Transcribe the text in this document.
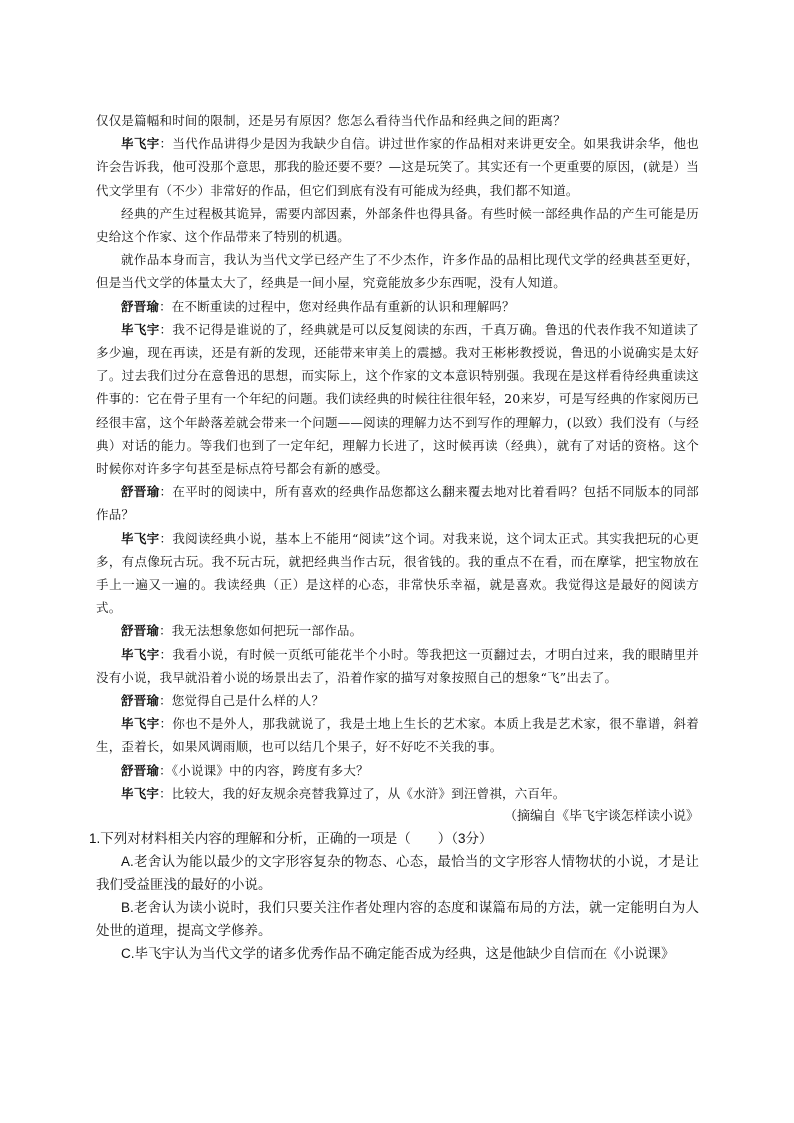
仅仅是篇幅和时间的限制，还是另有原因？您怎么看待当代作品和经典之间的距离？

毕飞宇：当代作品讲得少是因为我缺少自信。讲过世作家的作品相对来讲更安全。如果我讲余华，他也许会告诉我，他可没那个意思，那我的脸还要不要？—这是玩笑了。其实还有一个更重要的原因，(就是）当代文学里有（不少）非常好的作品，但它们到底有没有可能成为经典，我们都不知道。

经典的产生过程极其诡异，需要内部因素，外部条件也得具备。有些时候一部经典作品的产生可能是历史给这个作家、这个作品带来了特别的机遇。

就作品本身而言，我认为当代文学已经产生了不少杰作，许多作品的品相比现代文学的经典甚至更好，但是当代文学的体量太大了，经典是一间小屋，究竟能放多少东西呢，没有人知道。

舒晋瑜：在不断重读的过程中，您对经典作品有重新的认识和理解吗？

毕飞宇：我不记得是谁说的了，经典就是可以反复阅读的东西，千真万确。鲁迅的代表作我不知道读了多少遍，现在再读，还是有新的发现，还能带来审美上的震撼。我对王彬彬教授说，鲁迅的小说确实是太好了。过去我们过分在意鲁迅的思想，而实际上，这个作家的文本意识特别强。我现在是这样看待经典重读这件事的：它在骨子里有一个年纪的问题。我们读经典的时候往往很年轻，20来岁，可是写经典的作家阅历已经很丰富，这个年龄落差就会带来一个问题——阅读的理解力达不到写作的理解力，(以致）我们没有（与经典）对话的能力。等我们也到了一定年纪，理解力长进了，这时候再读（经典），就有了对话的资格。这个时候你对许多字句甚至是标点符号都会有新的感受。

舒晋瑜：在平时的阅读中，所有喜欢的经典作品您都这么翻来覆去地对比着看吗？包括不同版本的同部作品？

毕飞宇：我阅读经典小说，基本上不能用“阅读”这个词。对我来说，这个词太正式。其实我把玩的心更多，有点像玩古玩。我不玩古玩，就把经典当作古玩，很省钱的。我的重点不在看，而在摩挲，把宝物放在手上一遍又一遍的。我读经典（正）是这样的心态，非常快乐幸福，就是喜欢。我觉得这是最好的阅读方式。

舒晋瑜：我无法想象您如何把玩一部作品。

毕飞宇：我看小说，有时候一页纸可能花半个小时。等我把这一页翻过去，才明白过来，我的眼睛里并没有小说，我早就沿着小说的场景出去了，沿着作家的描写对象按照自己的想象“飞”出去了。

舒晋瑜：您觉得自己是什么样的人？

毕飞宇：你也不是外人，那我就说了，我是土地上生长的艺术家。本质上我是艺术家，很不靠谱，斜着生，歪着长，如果风调雨顺，也可以结几个果子，好不好吃不关我的事。

舒晋瑜：《小说课》中的内容，跨度有多大？

毕飞宇：比较大，我的好友规余亮替我算过了，从《水浒》到汪曾祺，六百年。

（摘编自《毕飞宇谈怎样读小说》

1.下列对材料相关内容的理解和分析，正确的一项是（　　）（3分）

A.老舍认为能以最少的文字形容复杂的物态、心态，最恰当的文字形容人情物状的小说，才是让我们受益匪浅的最好的小说。

B.老舍认为读小说时，我们只要关注作者处理内容的态度和谋篇布局的方法，就一定能明白为人处世的道理，提高文学修养。

C.毕飞宇认为当代文学的诸多优秀作品不确定能否成为经典，这是他缺少自信而在《小说课》
